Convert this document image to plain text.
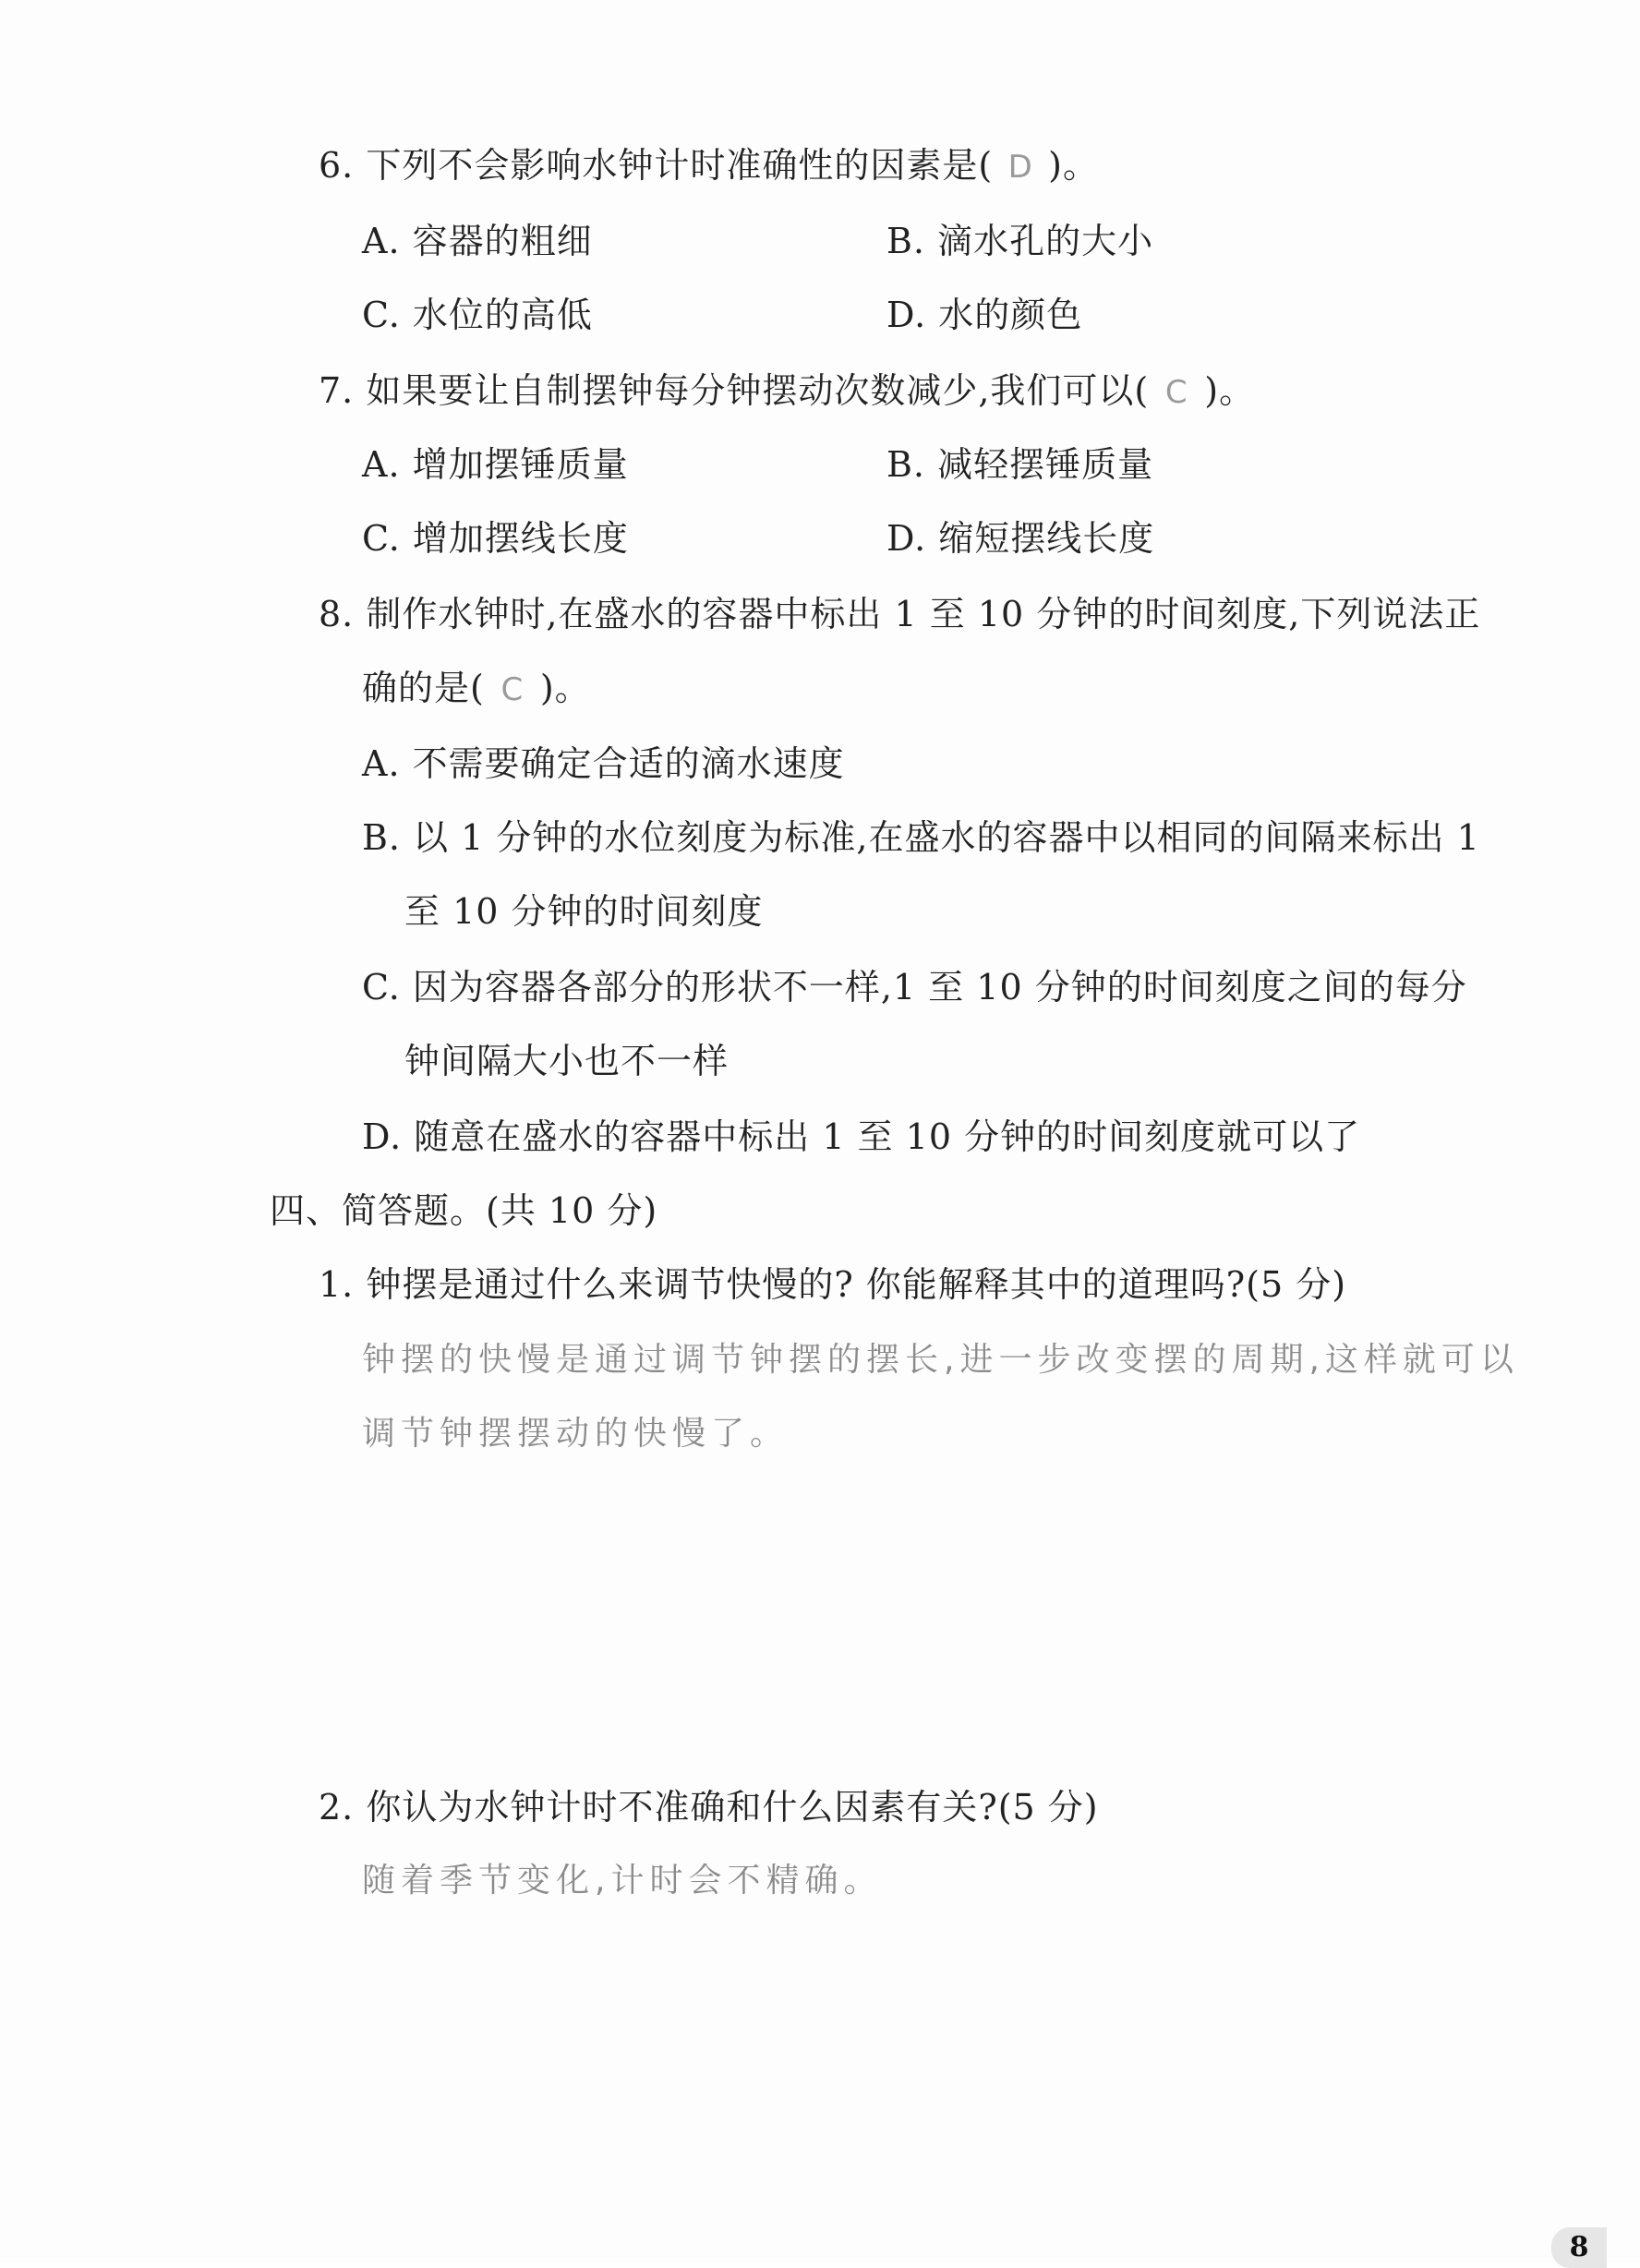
6. 下列不会影响水钟计时准确性的因素是( D )。
A. 容器的粗细	B. 滴水孔的大小
C. 水位的高低	D. 水的颜色
7. 如果要让自制摆钟每分钟摆动次数减少,我们可以( C )。
A. 增加摆锤质量	B. 减轻摆锤质量
C. 增加摆线长度	D. 缩短摆线长度
8. 制作水钟时,在盛水的容器中标出 1 至 10 分钟的时间刻度,下列说法正
确的是( C )。
A. 不需要确定合适的滴水速度
B. 以 1 分钟的水位刻度为标准,在盛水的容器中以相同的间隔来标出 1
至 10 分钟的时间刻度
C. 因为容器各部分的形状不一样,1 至 10 分钟的时间刻度之间的每分
钟间隔大小也不一样
D. 随意在盛水的容器中标出 1 至 10 分钟的时间刻度就可以了
四、简答题。(共 10 分)
1. 钟摆是通过什么来调节快慢的? 你能解释其中的道理吗?(5 分)
钟摆的快慢是通过调节钟摆的摆长,进一步改变摆的周期,这样就可以
调节钟摆摆动的快慢了。
2. 你认为水钟计时不准确和什么因素有关?(5 分)
随着季节变化,计时会不精确。
8
